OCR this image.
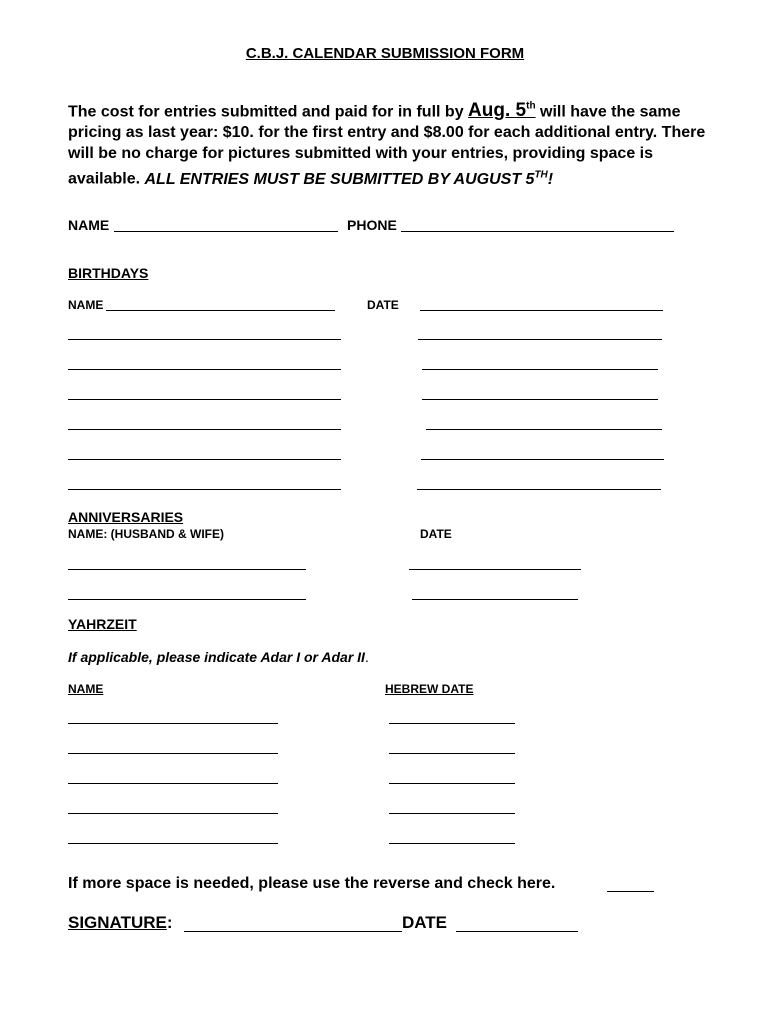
C.B.J. CALENDAR SUBMISSION FORM
The cost for entries submitted and paid for in full by Aug. 5th will have the same pricing as last year: $10. for the first entry and $8.00 for each additional entry. There will be no charge for pictures submitted with your entries, providing space is available. ALL ENTRIES MUST BE SUBMITTED BY AUGUST 5TH!
NAME	PHONE
BIRTHDAYS
NAME	DATE
ANNIVERSARIES
NAME: (HUSBAND & WIFE)	DATE
YAHRZEIT
If applicable, please indicate Adar I or Adar II.
NAME	HEBREW DATE
If more space is needed, please use the reverse and check here.
SIGNATURE:	DATE
